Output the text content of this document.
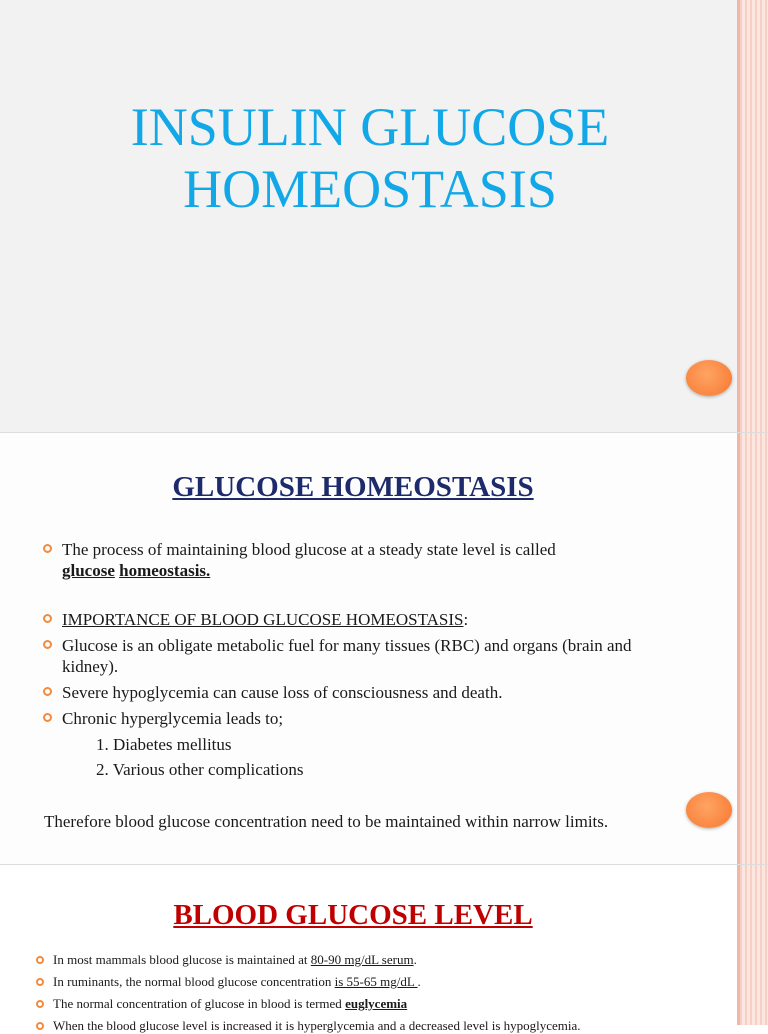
INSULIN GLUCOSE
HOMEOSTASIS
GLUCOSE HOMEOSTASIS
The process of maintaining blood glucose at a steady state level is called
glucose homeostasis.
IMPORTANCE OF BLOOD GLUCOSE HOMEOSTASIS:
Glucose is an obligate metabolic fuel for many tissues (RBC) and organs (brain and kidney).
Severe hypoglycemia can cause loss of consciousness and death.
Chronic hyperglycemia leads to;
1. Diabetes mellitus
2. Various other complications
Therefore blood glucose concentration need to be maintained within narrow limits.
BLOOD GLUCOSE LEVEL
In most mammals blood glucose is maintained at 80-90 mg/dL serum.
In ruminants, the normal blood glucose concentration is 55-65 mg/dL .
The normal concentration of glucose in blood is termed euglycemia
When the blood glucose level is increased it is hyperglycemia and a decreased level is hypoglycemia.
